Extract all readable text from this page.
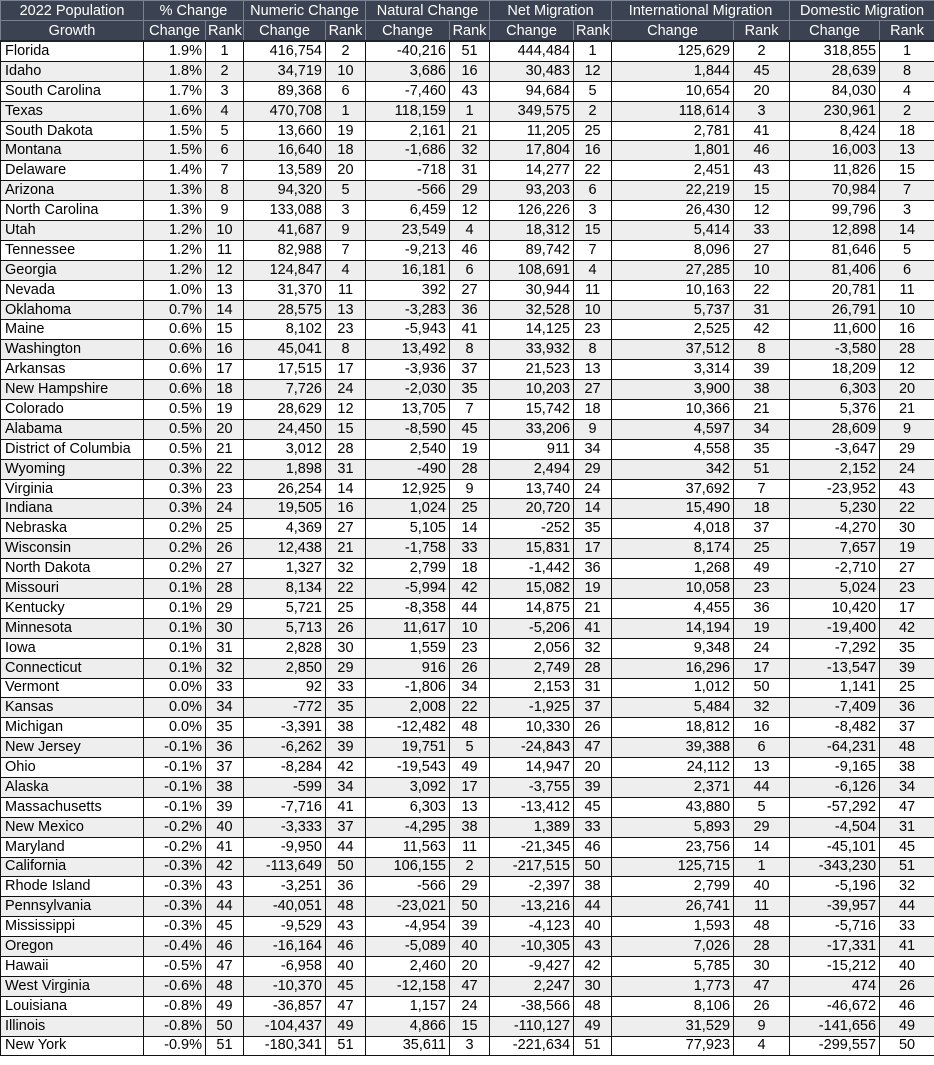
2022 Population	% Change		Numeric Change		Natural Change		Net Migration		International Migration		Domestic Migration	
Growth	Change	Rank	Change	Rank	Change	Rank	Change	Rank	Change	Rank	Change	Rank
Florida	1.9%	1	416,754	2	-40,216	51	444,484	1	125,629	2	318,855	1
Idaho	1.8%	2	34,719	10	3,686	16	30,483	12	1,844	45	28,639	8
South Carolina	1.7%	3	89,368	6	-7,460	43	94,684	5	10,654	20	84,030	4
Texas	1.6%	4	470,708	1	118,159	1	349,575	2	118,614	3	230,961	2
South Dakota	1.5%	5	13,660	19	2,161	21	11,205	25	2,781	41	8,424	18
Montana	1.5%	6	16,640	18	-1,686	32	17,804	16	1,801	46	16,003	13
Delaware	1.4%	7	13,589	20	-718	31	14,277	22	2,451	43	11,826	15
Arizona	1.3%	8	94,320	5	-566	29	93,203	6	22,219	15	70,984	7
North Carolina	1.3%	9	133,088	3	6,459	12	126,226	3	26,430	12	99,796	3
Utah	1.2%	10	41,687	9	23,549	4	18,312	15	5,414	33	12,898	14
Tennessee	1.2%	11	82,988	7	-9,213	46	89,742	7	8,096	27	81,646	5
Georgia	1.2%	12	124,847	4	16,181	6	108,691	4	27,285	10	81,406	6
Nevada	1.0%	13	31,370	11	392	27	30,944	11	10,163	22	20,781	11
Oklahoma	0.7%	14	28,575	13	-3,283	36	32,528	10	5,737	31	26,791	10
Maine	0.6%	15	8,102	23	-5,943	41	14,125	23	2,525	42	11,600	16
Washington	0.6%	16	45,041	8	13,492	8	33,932	8	37,512	8	-3,580	28
Arkansas	0.6%	17	17,515	17	-3,936	37	21,523	13	3,314	39	18,209	12
New Hampshire	0.6%	18	7,726	24	-2,030	35	10,203	27	3,900	38	6,303	20
Colorado	0.5%	19	28,629	12	13,705	7	15,742	18	10,366	21	5,376	21
Alabama	0.5%	20	24,450	15	-8,590	45	33,206	9	4,597	34	28,609	9
District of Columbia	0.5%	21	3,012	28	2,540	19	911	34	4,558	35	-3,647	29
Wyoming	0.3%	22	1,898	31	-490	28	2,494	29	342	51	2,152	24
Virginia	0.3%	23	26,254	14	12,925	9	13,740	24	37,692	7	-23,952	43
Indiana	0.3%	24	19,505	16	1,024	25	20,720	14	15,490	18	5,230	22
Nebraska	0.2%	25	4,369	27	5,105	14	-252	35	4,018	37	-4,270	30
Wisconsin	0.2%	26	12,438	21	-1,758	33	15,831	17	8,174	25	7,657	19
North Dakota	0.2%	27	1,327	32	2,799	18	-1,442	36	1,268	49	-2,710	27
Missouri	0.1%	28	8,134	22	-5,994	42	15,082	19	10,058	23	5,024	23
Kentucky	0.1%	29	5,721	25	-8,358	44	14,875	21	4,455	36	10,420	17
Minnesota	0.1%	30	5,713	26	11,617	10	-5,206	41	14,194	19	-19,400	42
Iowa	0.1%	31	2,828	30	1,559	23	2,056	32	9,348	24	-7,292	35
Connecticut	0.1%	32	2,850	29	916	26	2,749	28	16,296	17	-13,547	39
Vermont	0.0%	33	92	33	-1,806	34	2,153	31	1,012	50	1,141	25
Kansas	0.0%	34	-772	35	2,008	22	-1,925	37	5,484	32	-7,409	36
Michigan	0.0%	35	-3,391	38	-12,482	48	10,330	26	18,812	16	-8,482	37
New Jersey	-0.1%	36	-6,262	39	19,751	5	-24,843	47	39,388	6	-64,231	48
Ohio	-0.1%	37	-8,284	42	-19,543	49	14,947	20	24,112	13	-9,165	38
Alaska	-0.1%	38	-599	34	3,092	17	-3,755	39	2,371	44	-6,126	34
Massachusetts	-0.1%	39	-7,716	41	6,303	13	-13,412	45	43,880	5	-57,292	47
New Mexico	-0.2%	40	-3,333	37	-4,295	38	1,389	33	5,893	29	-4,504	31
Maryland	-0.2%	41	-9,950	44	11,563	11	-21,345	46	23,756	14	-45,101	45
California	-0.3%	42	-113,649	50	106,155	2	-217,515	50	125,715	1	-343,230	51
Rhode Island	-0.3%	43	-3,251	36	-566	29	-2,397	38	2,799	40	-5,196	32
Pennsylvania	-0.3%	44	-40,051	48	-23,021	50	-13,216	44	26,741	11	-39,957	44
Mississippi	-0.3%	45	-9,529	43	-4,954	39	-4,123	40	1,593	48	-5,716	33
Oregon	-0.4%	46	-16,164	46	-5,089	40	-10,305	43	7,026	28	-17,331	41
Hawaii	-0.5%	47	-6,958	40	2,460	20	-9,427	42	5,785	30	-15,212	40
West Virginia	-0.6%	48	-10,370	45	-12,158	47	2,247	30	1,773	47	474	26
Louisiana	-0.8%	49	-36,857	47	1,157	24	-38,566	48	8,106	26	-46,672	46
Illinois	-0.8%	50	-104,437	49	4,866	15	-110,127	49	31,529	9	-141,656	49
New York	-0.9%	51	-180,341	51	35,611	3	-221,634	51	77,923	4	-299,557	50
